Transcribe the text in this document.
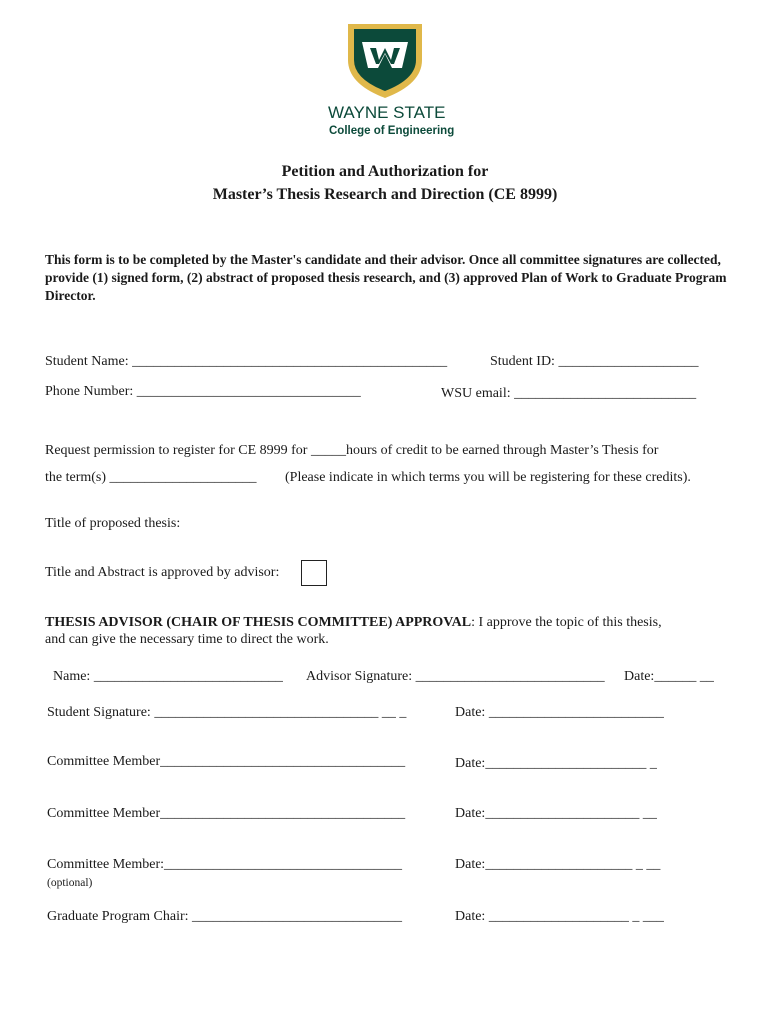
WAYNE STATE
College of Engineering
Petition and Authorization for
Master’s Thesis Research and Direction (CE 8999)
This form is to be completed by the Master's candidate and their advisor. Once all committee signatures are collected, provide (1) signed form, (2) abstract of proposed thesis research, and (3) approved Plan of Work to Graduate Program Director.
Student Name: _____________________________________________	Student ID: ____________________
Phone Number: ________________________________	WSU email: __________________________
Request permission to register for CE 8999 for _____hours of credit to be earned through Master’s Thesis for
the term(s) _____________________ (Please indicate in which terms you will be registering for these credits).
Title of proposed thesis:
Title and Abstract is approved by advisor:
THESIS ADVISOR (CHAIR OF THESIS COMMITTEE) APPROVAL: I approve the topic of this thesis,
and can give the necessary time to direct the work.
Name: ___________________________ Advisor Signature: ___________________________ Date:______ __
Student Signature: ________________________________ __ _	Date: _________________________
Committee Member___________________________________	Date:_______________________ _
Committee Member___________________________________	Date:______________________ __
Committee Member:__________________________________	Date:_____________________ _ __
(optional)
Graduate Program Chair: ______________________________	Date: ____________________ _ ___
